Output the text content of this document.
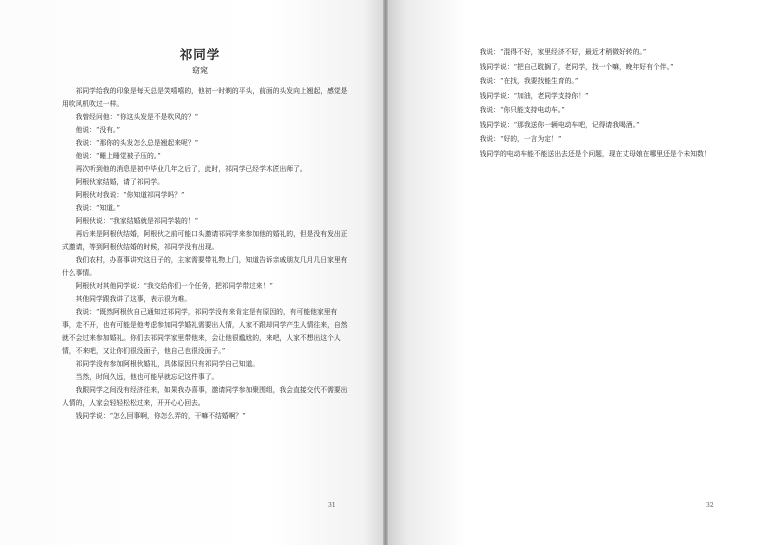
祁同学
窈窕

　　祁同学给我的印象是每天总是笑嘻嘻的，他初一时剃的平头，前面的头发向上翘起，感觉是用吹风机吹过一样。

　　我曾经问他：“你这头发是不是吹风的？”

　　他说：“没有。”

　　我说：“那你的头发怎么总是翘起来呢？”

　　他说：“睡上睡觉被子压的。”

　　再次听到他的消息是初中毕业几年之后了，此时，祁同学已经学木匠出师了。

　　阿根伙家结婚，请了祁同学。

　　阿根伙对我说：“你知道祁同学吗？”

　　我说：“知道。”

　　阿根伙说：“我家结婚就是祁同学装的！”

　　再后来是阿根伙结婚，阿根伙之前可能口头邀请祁同学来参加他的婚礼的，但是没有发出正式邀请，等到阿根伙结婚的时候，祁同学没有出现。

　　我们农村，办喜事讲究这日子的，主家需要带礼物上门，知道告诉亲戚朋友几月几日家里有什么事情。

　　阿根伙对其他同学说：“我交给你们一个任务，把祁同学带过来！”

　　其他同学跟我讲了这事，表示很为难。

　　我说：“既然阿根伙自己通知过祁同学，祁同学没有来肯定是有原因的，有可能他家里有事，走不开，也有可能是他考虑参加同学婚礼需要出人情，人家不跟却同学产生人情往来，自然就不会过来参加婚礼。你们去祁同学家里带他来，会让他很尴尬的，来吧，人家不想出这个人情，不来吧，又让你们很没面子，他自己也很没面子。”

　　祁同学没有参加阿根伙婚礼，具体原因只有祁同学自己知道。

　　当然，时间久远，他也可能早就忘记这件事了。

　　我跟同学之间没有经济往来，如果我办喜事，邀请同学参加聚围组，我会直接交代不需要出人情的，人家会轻轻松松过来，开开心心回去。

　　钱同学说：“怎么回事啊，你怎么弄的，干嘛不结婚啊？”

31

　　我说：“混得不好，家里经济不好，最近才稍微好转的。”

　　钱同学说：“把自己耽搁了，老同学，找一个嘛，晚年好有个伴。”

　　我说：“在找，我要找能生育的。”

　　钱同学说：“加油，老同学支持你！”

　　我说：“你只能支持电动车。”

　　钱同学说：“那我送你一辆电动车吧，记得请我喝酒。”

　　我说：“好的，一言为定！”

　　钱同学的电动车能不能送出去还是个问题，现在丈母娘在哪里还是个未知数！

32
